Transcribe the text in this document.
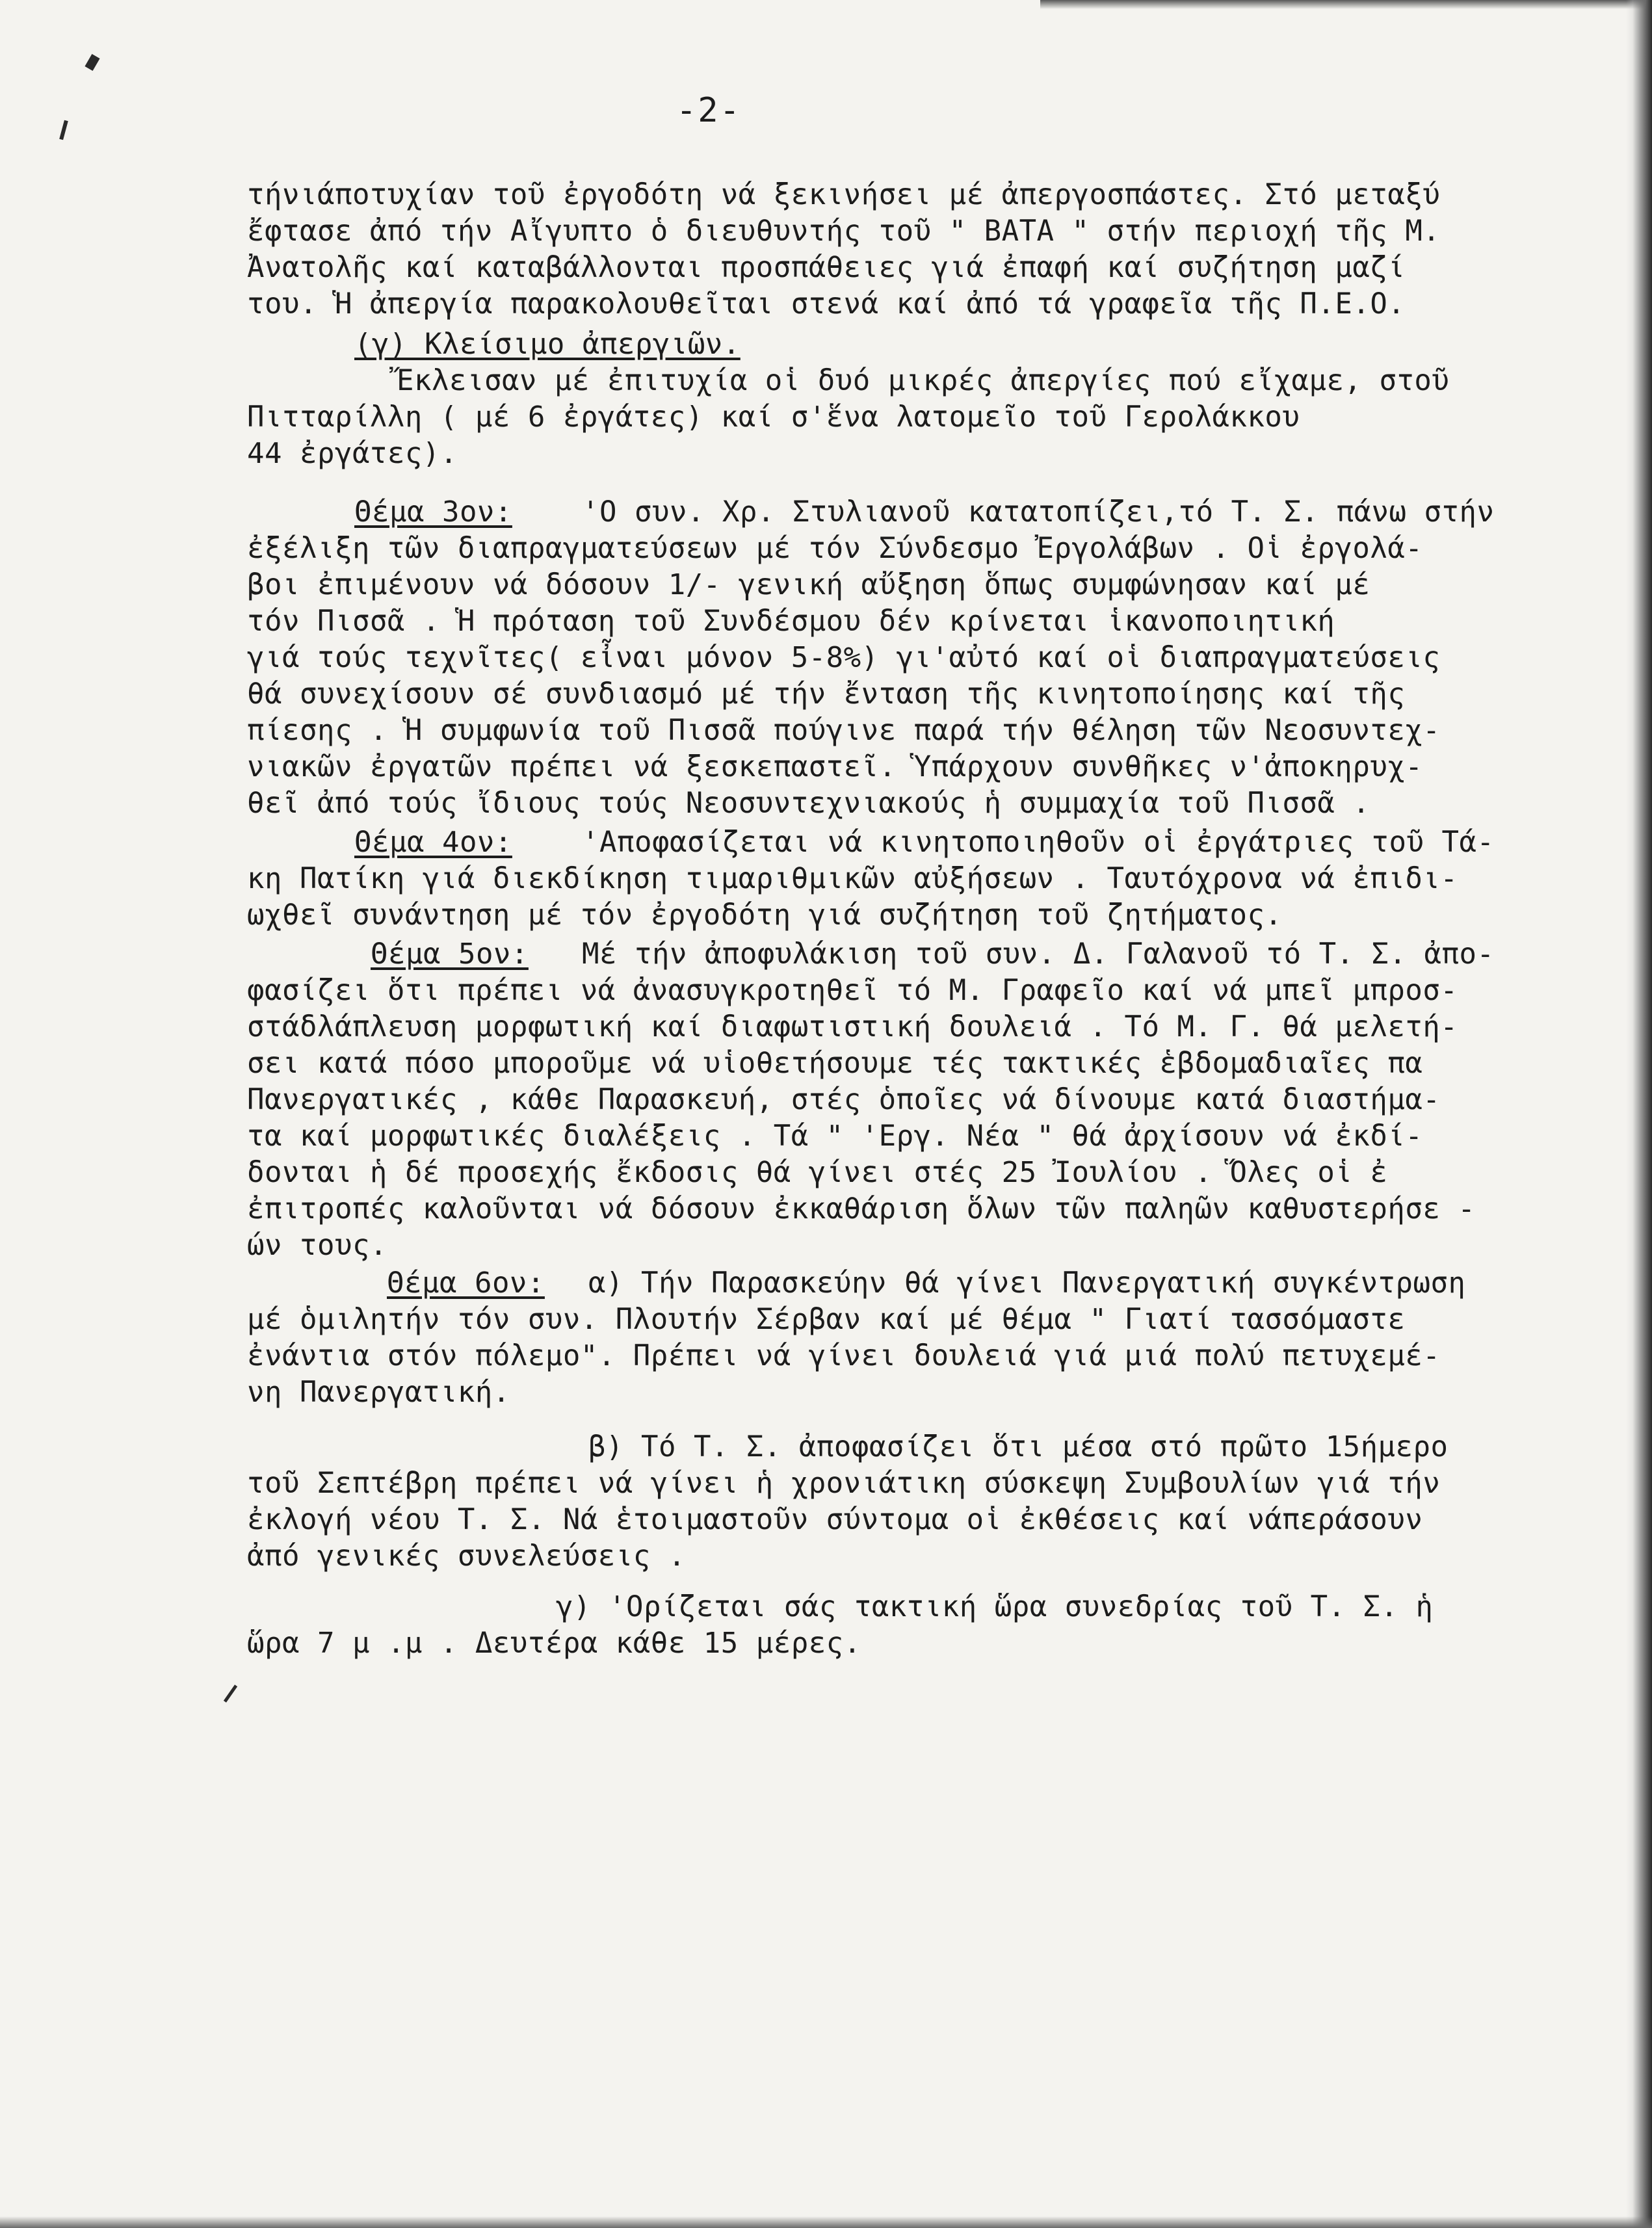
-2-
τήνιάποτυχίαν τοῦ ἐργοδότη νά ξεκινήσει μέ ἀπεργοσπάστες. Στό μεταξύ
ἔφτασε ἀπό τήν Αἴγυπτο ὁ διευθυντής τοῦ " ΒΑΤΑ " στήν περιοχή τῆς Μ.
Ἀνατολῆς καί καταβάλλονται προσπάθειες γιά ἐπαφή καί συζήτηση μαζί
του. Ἡ ἀπεργία παρακολουθεῖται στενά καί ἀπό τά γραφεῖα τῆς Π.Ε.Ο.
(γ) Κλείσιμο ἀπεργιῶν.
Ἔκλεισαν μέ ἐπιτυχία οἱ δυό μικρές ἀπεργίες πού εἴχαμε, στοῦ
Πιτταρίλλη ( μέ 6 ἐργάτες) καί σ'ἕνα λατομεῖο τοῦ Γερολάκκου
44 ἐργάτες).
Θέμα 3ον: 'Ο συν. Χρ. Στυλιανοῦ κατατοπίζει,τό Τ. Σ. πάνω στήν
ἐξέλιξη τῶν διαπραγματεύσεων μέ τόν Σύνδεσμο Ἐργολάβων . Οἱ ἐργολά-
βοι ἐπιμένουν νά δόσουν 1/- γενική αὔξηση ὅπως συμφώνησαν καί μέ
τόν Πισσᾶ . Ἡ πρόταση τοῦ Συνδέσμου δέν κρίνεται ἱκανοποιητική
γιά τούς τεχνῖτες( εἶναι μόνον 5-8%) γι'αὐτό καί οἱ διαπραγματεύσεις
θά συνεχίσουν σέ συνδιασμό μέ τήν ἔνταση τῆς κινητοποίησης καί τῆς
πίεσης . Ἡ συμφωνία τοῦ Πισσᾶ πούγινε παρά τήν θέληση τῶν Νεοσυντεχ-
νιακῶν ἐργατῶν πρέπει νά ξεσκεπαστεῖ. Ὑπάρχουν συνθῆκες ν'ἀποκηρυχ-
θεῖ ἀπό τούς ἴδιους τούς Νεοσυντεχνιακούς ἡ συμμαχία τοῦ Πισσᾶ .
Θέμα 4ον: 'Αποφασίζεται νά κινητοποιηθοῦν οἱ ἐργάτριες τοῦ Τά-
κη Πατίκη γιά διεκδίκηση τιμαριθμικῶν αὐξήσεων . Ταυτόχρονα νά ἐπιδι-
ωχθεῖ συνάντηση μέ τόν ἐργοδότη γιά συζήτηση τοῦ ζητήματος.
Θέμα 5ον: Μέ τήν ἀποφυλάκιση τοῦ συν. Δ. Γαλανοῦ τό Τ. Σ. ἀπο-
φασίζει ὅτι πρέπει νά ἀνασυγκροτηθεῖ τό Μ. Γραφεῖο καί νά μπεῖ μπροσ-
στάδλάπλευση μορφωτική καί διαφωτιστική δουλειά . Τό Μ. Γ. θά μελετή-
σει κατά πόσο μποροῦμε νά υἱοθετήσουμε τές τακτικές ἑβδομαδιαῖες πα
Πανεργατικές , κάθε Παρασκευή, στές ὁποῖες νά δίνουμε κατά διαστήμα-
τα καί μορφωτικές διαλέξεις . Τά " 'Εργ. Νέα " θά ἀρχίσουν νά ἐκδί-
δονται ἡ δέ προσεχής ἔκδοσις θά γίνει στές 25 Ἰουλίου . Ὅλες οἱ ἐ
ἐπιτροπές καλοῦνται νά δόσουν ἐκκαθάριση ὅλων τῶν παληῶν καθυστερήσε -
ών τους.
Θέμα 6ον: α) Τήν Παρασκεύην θά γίνει Πανεργατική συγκέντρωση
μέ ὁμιλητήν τόν συν. Πλουτήν Σέρβαν καί μέ θέμα " Γιατί τασσόμαστε
ἐνάντια στόν πόλεμο". Πρέπει νά γίνει δουλειά γιά μιά πολύ πετυχεμέ-
νη Πανεργατική.
β) Τό Τ. Σ. ἀποφασίζει ὅτι μέσα στό πρῶτο 15ήμερο
τοῦ Σεπτέβρη πρέπει νά γίνει ἡ χρονιάτικη σύσκεψη Συμβουλίων γιά τήν
ἐκλογή νέου Τ. Σ. Νά ἑτοιμαστοῦν σύντομα οἱ ἐκθέσεις καί νάπεράσουν
ἀπό γενικές συνελεύσεις .
γ) 'Ορίζεται σάς τακτική ὥρα συνεδρίας τοῦ Τ. Σ. ἡ
ὥρα 7 μ .μ . Δευτέρα κάθε 15 μέρες.
